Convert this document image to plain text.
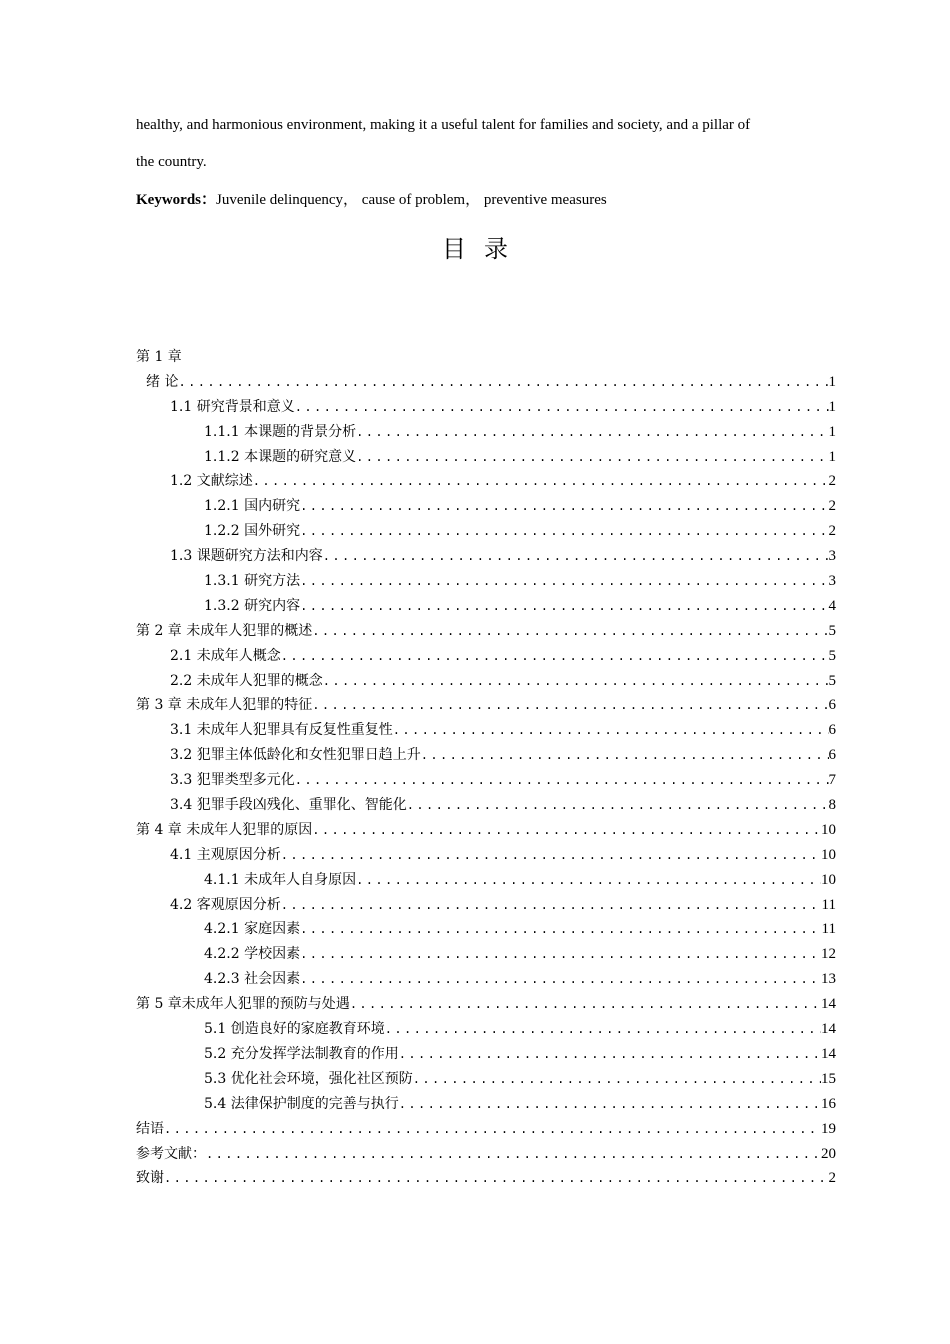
healthy, and harmonious environment, making it a useful talent for families and society, and a pillar of
the country.
Keywords：Juvenile delinquency， cause of problem， preventive measures
目录
第 1 章
绪 论 .....	1
1.1 研究背景和意义 .....	1
1.1.1 本课题的背景分析 .....	1
1.1.2 本课题的研究意义 .....	1
1.2 文献综述 .....	2
1.2.1 国内研究 .....	2
1.2.2 国外研究 .....	2
1.3 课题研究方法和内容 .....	3
1.3.1 研究方法 .....	3
1.3.2 研究内容 .....	4
第 2 章 未成年人犯罪的概述 .....	5
2.1 未成年人概念 .....	5
2.2 未成年人犯罪的概念 .....	5
第 3 章 未成年人犯罪的特征 .....	6
3.1 未成年人犯罪具有反复性重复性 .....	6
3.2 犯罪主体低龄化和女性犯罪日趋上升 .....	6
3.3 犯罪类型多元化 .....	7
3.4 犯罪手段凶残化、重罪化、智能化 .....	8
第 4 章 未成年人犯罪的原因 .....	10
4.1 主观原因分析 .....	10
4.1.1 未成年人自身原因 .....	10
4.2 客观原因分析 .....	11
4.2.1 家庭因素 .....	11
4.2.2 学校因素 .....	12
4.2.3 社会因素 .....	13
第 5 章未成年人犯罪的预防与处遇 .....	14
5.1 创造良好的家庭教育环境 .....	14
5.2 充分发挥学法制教育的作用 .....	14
5.3 优化社会环境，强化社区预防 .....	15
5.4 法律保护制度的完善与执行 .....	16
结语 .....	19
参考文献： .....	20
致谢 .....	2
